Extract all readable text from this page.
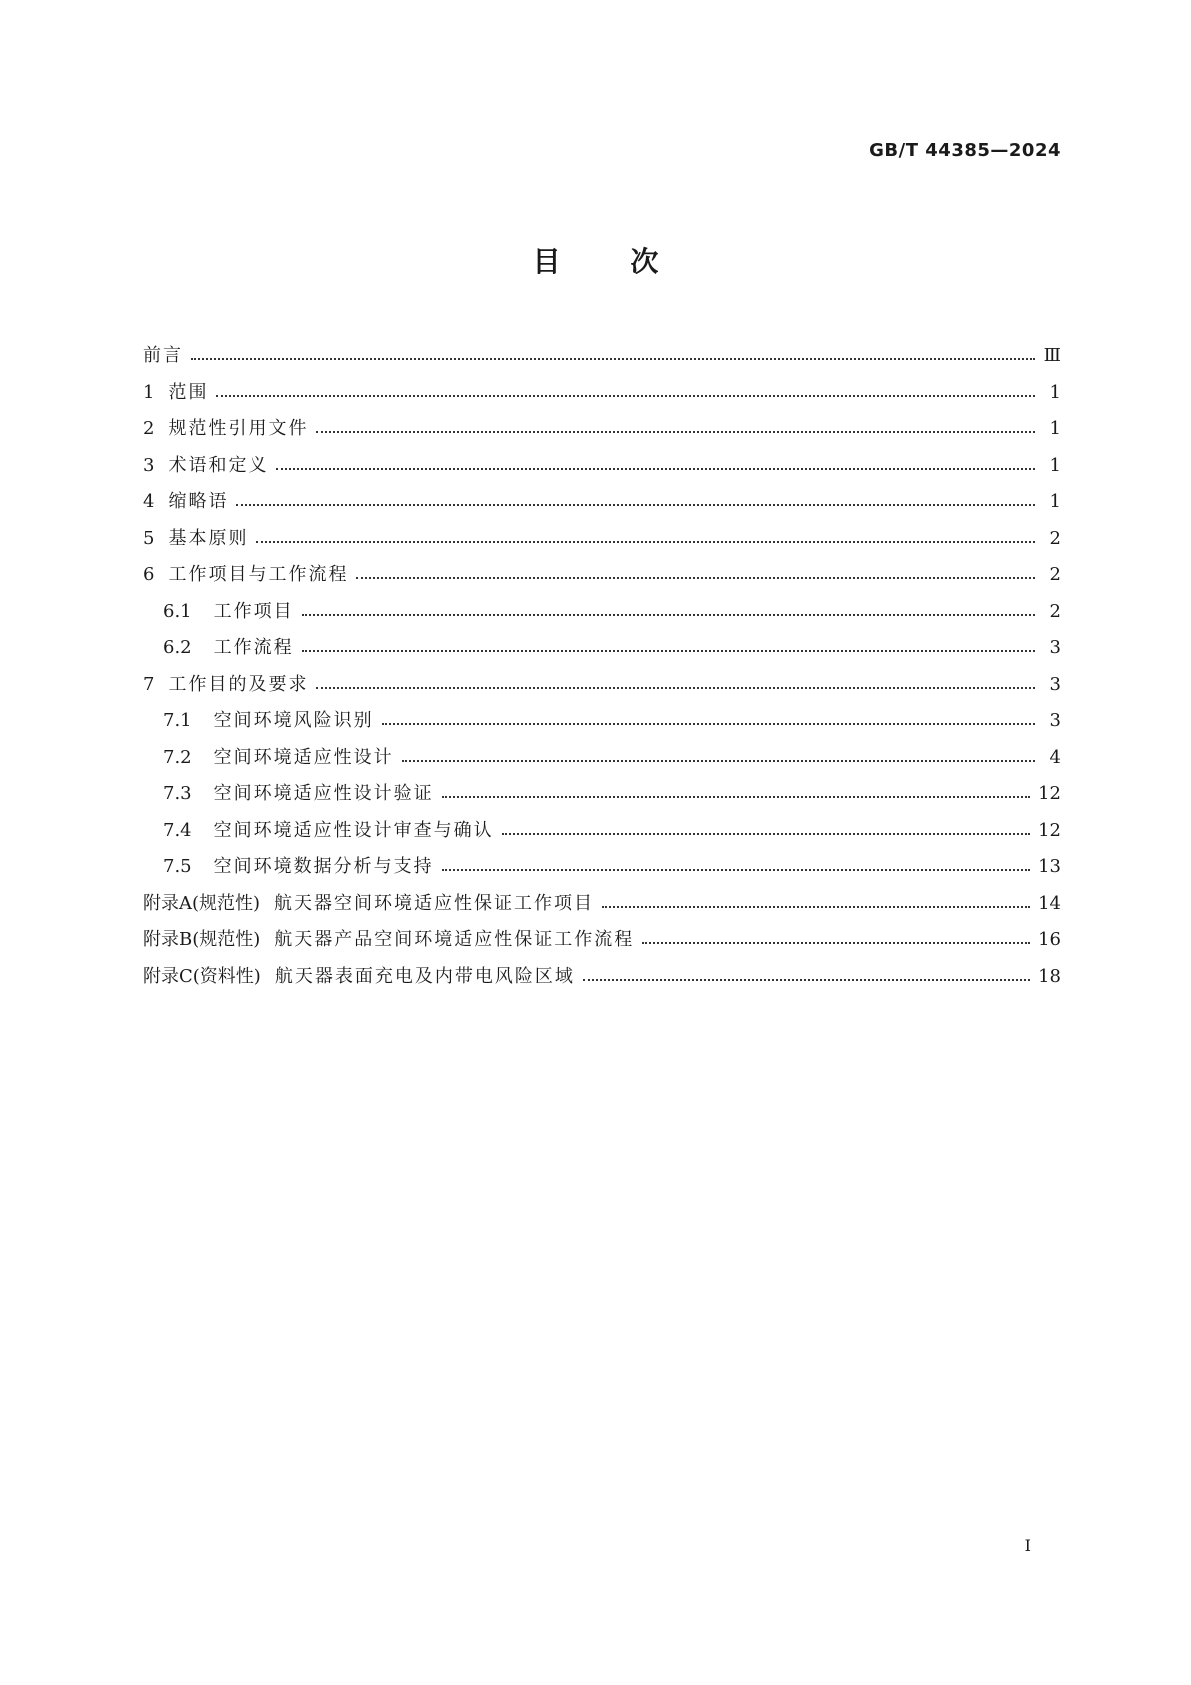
GB/T 44385—2024
目 次
前言	Ⅲ
1 范围	1
2 规范性引用文件	1
3 术语和定义	1
4 缩略语	1
5 基本原则	2
6 工作项目与工作流程	2
6.1 工作项目	2
6.2 工作流程	3
7 工作目的及要求	3
7.1 空间环境风险识别	3
7.2 空间环境适应性设计	4
7.3 空间环境适应性设计验证	12
7.4 空间环境适应性设计审查与确认	12
7.5 空间环境数据分析与支持	13
附录A(规范性) 航天器空间环境适应性保证工作项目	14
附录B(规范性) 航天器产品空间环境适应性保证工作流程	16
附录C(资料性) 航天器表面充电及内带电风险区域	18
I
